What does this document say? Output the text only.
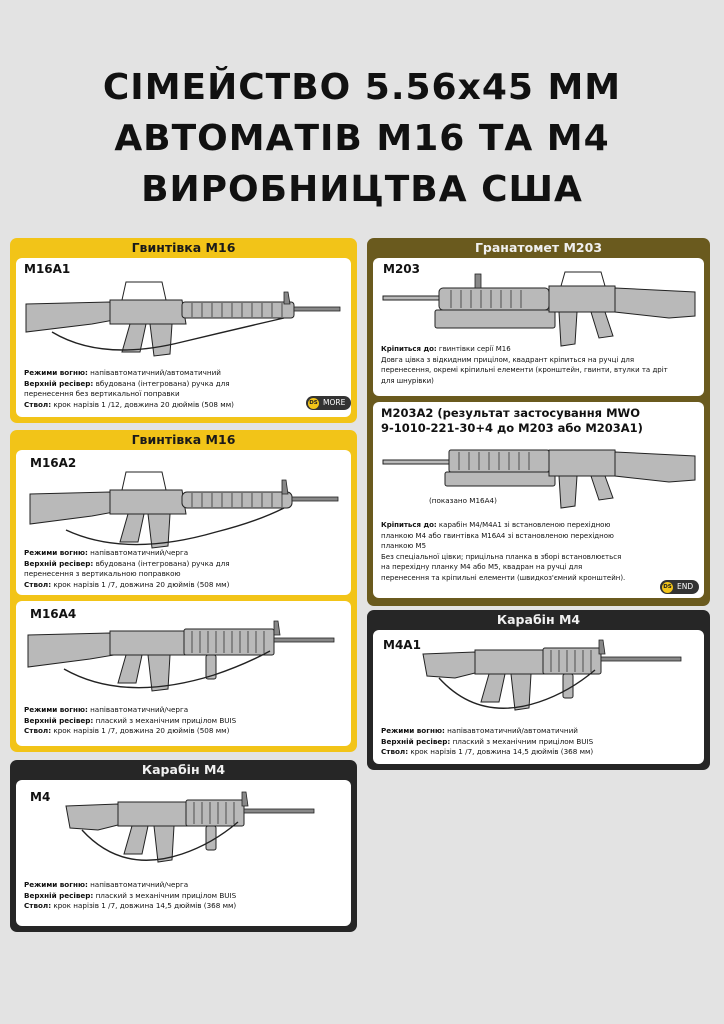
СІМЕЙСТВО 5.56x45 ММ
АВТОМАТІВ М16 ТА М4
ВИРОБНИЦТВА США
Гвинтівка M16
M16A1
Режими вогню: напівавтоматичний/автоматичний
Верхній ресівер: вбудована (інтегрована) ручка для
перенесення без вертикальної поправки
Ствол: крок нарізів 1 /12, довжина 20 дюймів (508 мм)	DS MORE
Гвинтівка M16
M16A2
Режими вогню: напівавтоматичний/черга
Верхній ресівер: вбудована (інтегрована) ручка для
перенесення з вертикальною поправкою
Ствол: крок нарізів 1 /7, довжина 20 дюймів (508 мм)
M16A4
Режими вогню: напівавтоматичний/черга
Верхній ресівер: плаский з механічним прицілом BUIS
Ствол: крок нарізів 1 /7, довжина 20 дюймів (508 мм)
Карабін M4
M4
Режими вогню: напівавтоматичний/черга
Верхній ресівер: плаский з механічним прицілом BUIS
Ствол: крок нарізів 1 /7, довжина 14,5 дюймів (368 мм)
Гранатомет M203
M203
Кріпиться до: гвинтівки серії M16
Довга цівка з відкидним прицілом, квадрант кріпиться на ручці для
перенесення, окремі кріпильні елементи (кронштейн, гвинти, втулки та дріт
для шнурівки)
M203A2 (результат застосування MWO
9-1010-221-30+4 до M203 або M203A1)
(показано M16A4)
Кріпиться до: карабін M4/M4A1 зі встановленою перехідною
планкою M4 або гвинтівка M16A4 зі встановленою перехідною
планкою M5
Без спеціальної цівки; прицільна планка в зборі встановлюється
на перехідну планку M4 або M5, квадран на ручці для
перенесення та кріпильні елементи (швидкоз'ємний кронштейн).
DS END
Карабін M4
M4A1
Режими вогню: напівавтоматичний/автоматичний
Верхній ресівер: плаский з механічним прицілом BUIS
Ствол: крок нарізів 1 /7, довжина 14,5 дюймів (368 мм)
